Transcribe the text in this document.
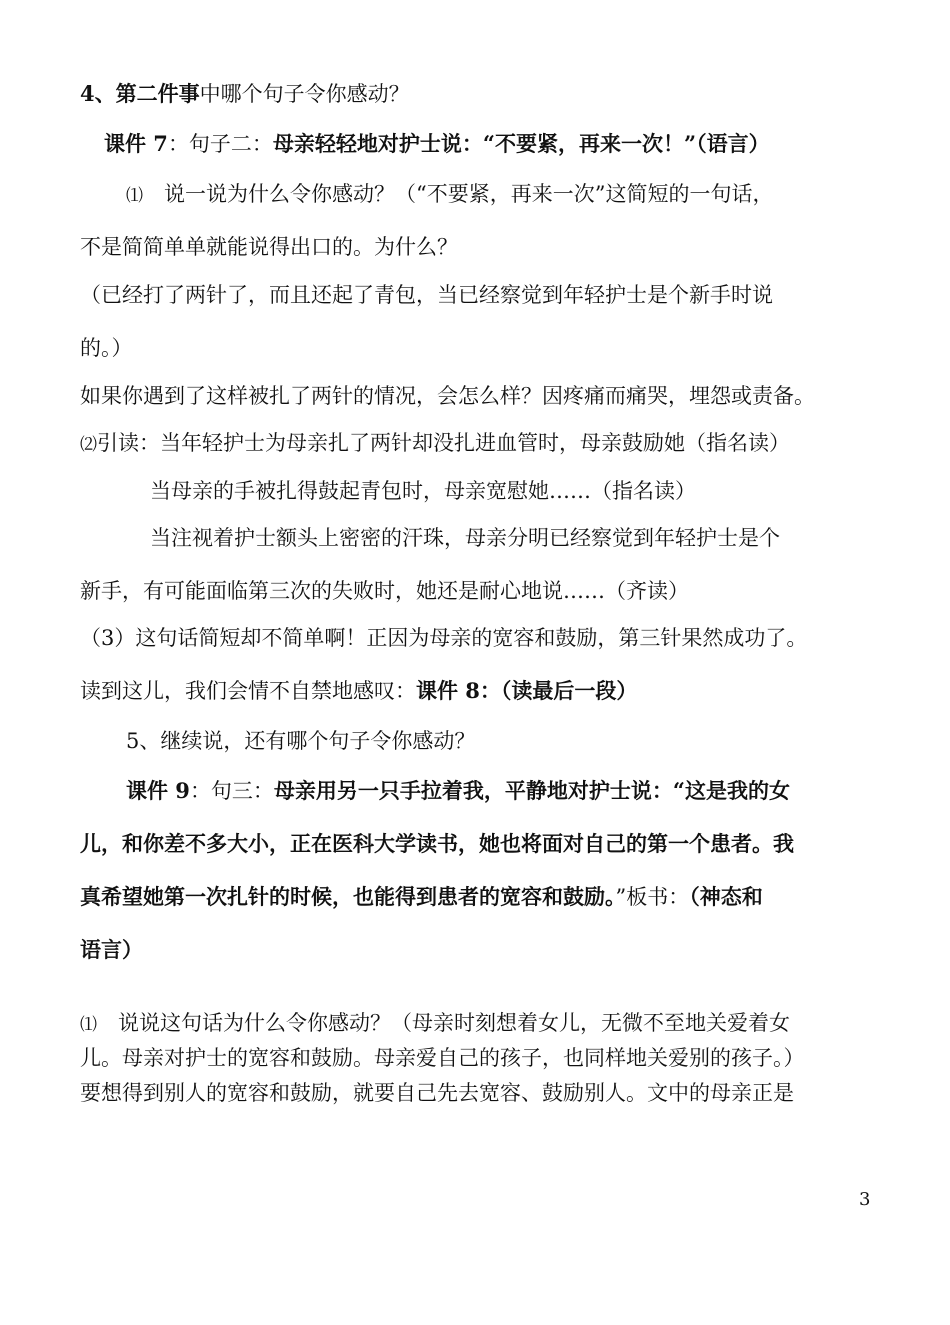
3
4、第二件事中哪个句子令你感动？
课件 7：句子二：母亲轻轻地对护士说：“不要紧，再来一次！”（语言）
⑴　说一说为什么令你感动？（“不要紧，再来一次”这简短的一句话，
不是简简单单就能说得出口的。为什么？
（已经打了两针了，而且还起了青包，当已经察觉到年轻护士是个新手时说
的。）
如果你遇到了这样被扎了两针的情况，会怎么样？因疼痛而痛哭，埋怨或责备。
⑵引读：当年轻护士为母亲扎了两针却没扎进血管时，母亲鼓励她（指名读）
当母亲的手被扎得鼓起青包时，母亲宽慰她……（指名读）
当注视着护士额头上密密的汗珠，母亲分明已经察觉到年轻护士是个
新手，有可能面临第三次的失败时，她还是耐心地说……（齐读）
（3）这句话简短却不简单啊！正因为母亲的宽容和鼓励，第三针果然成功了。
读到这儿，我们会情不自禁地感叹：课件 8：（读最后一段）
5、继续说，还有哪个句子令你感动？
课件 9：句三：母亲用另一只手拉着我，平静地对护士说：“这是我的女
儿，和你差不多大小，正在医科大学读书，她也将面对自己的第一个患者。我
真希望她第一次扎针的时候，也能得到患者的宽容和鼓励。”板书：（神态和
语言）
⑴　说说这句话为什么令你感动？（母亲时刻想着女儿，无微不至地关爱着女
儿。母亲对护士的宽容和鼓励。母亲爱自己的孩子，也同样地关爱别的孩子。）
要想得到别人的宽容和鼓励，就要自己先去宽容、鼓励别人。文中的母亲正是
